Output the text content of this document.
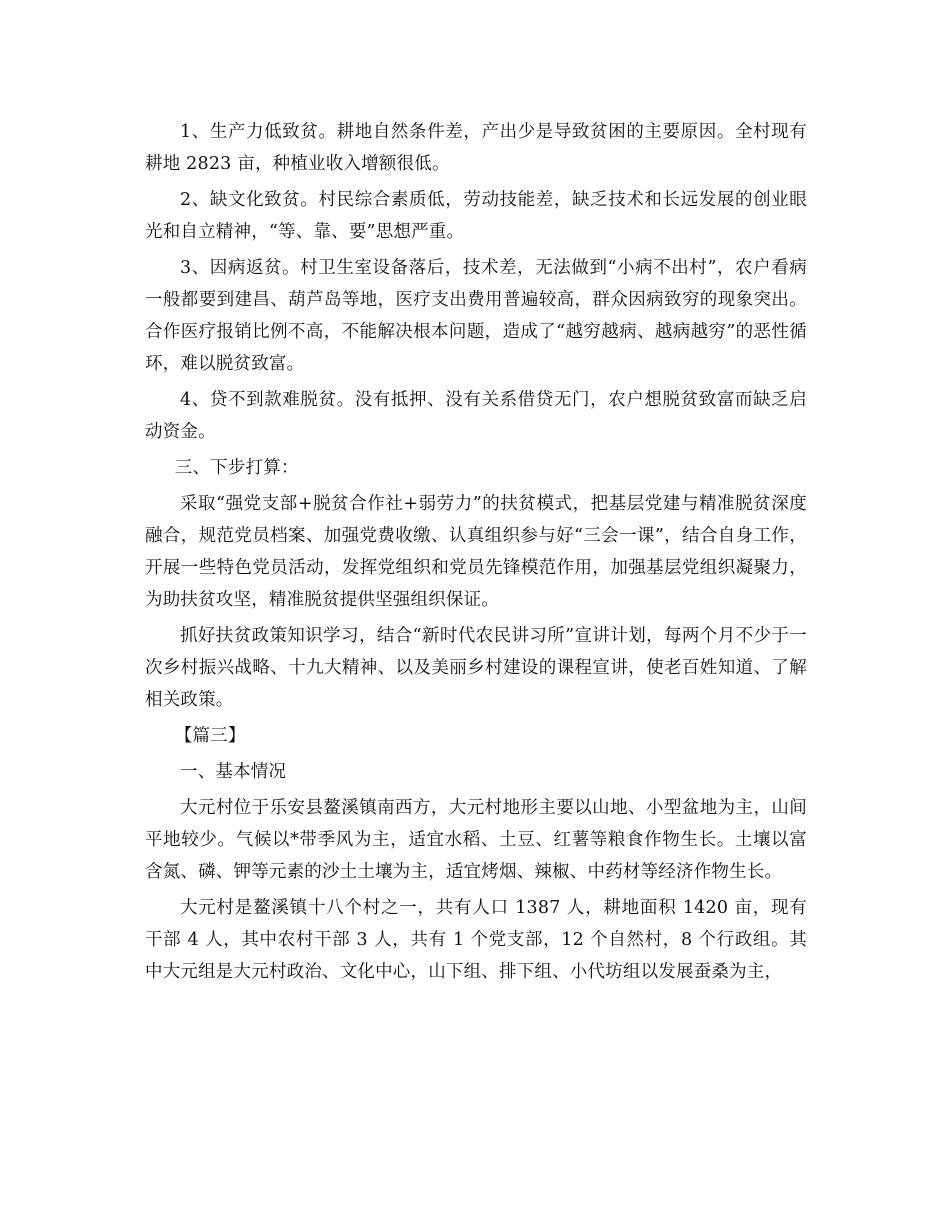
1、生产力低致贫。耕地自然条件差，产出少是导致贫困的主要原因。全村现有耕地 2823 亩，种植业收入增额很低。

2、缺文化致贫。村民综合素质低，劳动技能差，缺乏技术和长远发展的创业眼光和自立精神，“等、靠、要”思想严重。

3、因病返贫。村卫生室设备落后，技术差，无法做到“小病不出村”，农户看病一般都要到建昌、葫芦岛等地，医疗支出费用普遍较高，群众因病致穷的现象突出。合作医疗报销比例不高，不能解决根本问题，造成了“越穷越病、越病越穷”的恶性循环，难以脱贫致富。

4、贷不到款难脱贫。没有抵押、没有关系借贷无门，农户想脱贫致富而缺乏启动资金。

三、下步打算：

采取“强党支部+脱贫合作社+弱劳力”的扶贫模式，把基层党建与精准脱贫深度融合，规范党员档案、加强党费收缴、认真组织参与好“三会一课”，结合自身工作，开展一些特色党员活动，发挥党组织和党员先锋模范作用，加强基层党组织凝聚力，为助扶贫攻坚，精准脱贫提供坚强组织保证。

抓好扶贫政策知识学习，结合“新时代农民讲习所”宣讲计划，每两个月不少于一次乡村振兴战略、十九大精神、以及美丽乡村建设的课程宣讲，使老百姓知道、了解相关政策。

【篇三】

一、基本情况

大元村位于乐安县鳌溪镇南西方，大元村地形主要以山地、小型盆地为主，山间平地较少。气候以*带季风为主，适宜水稻、土豆、红薯等粮食作物生长。土壤以富含氮、磷、钾等元素的沙土土壤为主，适宜烤烟、辣椒、中药材等经济作物生长。

大元村是鳌溪镇十八个村之一，共有人口 1387 人，耕地面积 1420 亩，现有干部 4 人，其中农村干部 3 人，共有 1 个党支部，12 个自然村，8 个行政组。其中大元组是大元村政治、文化中心，山下组、排下组、小代坊组以发展蚕桑为主，
